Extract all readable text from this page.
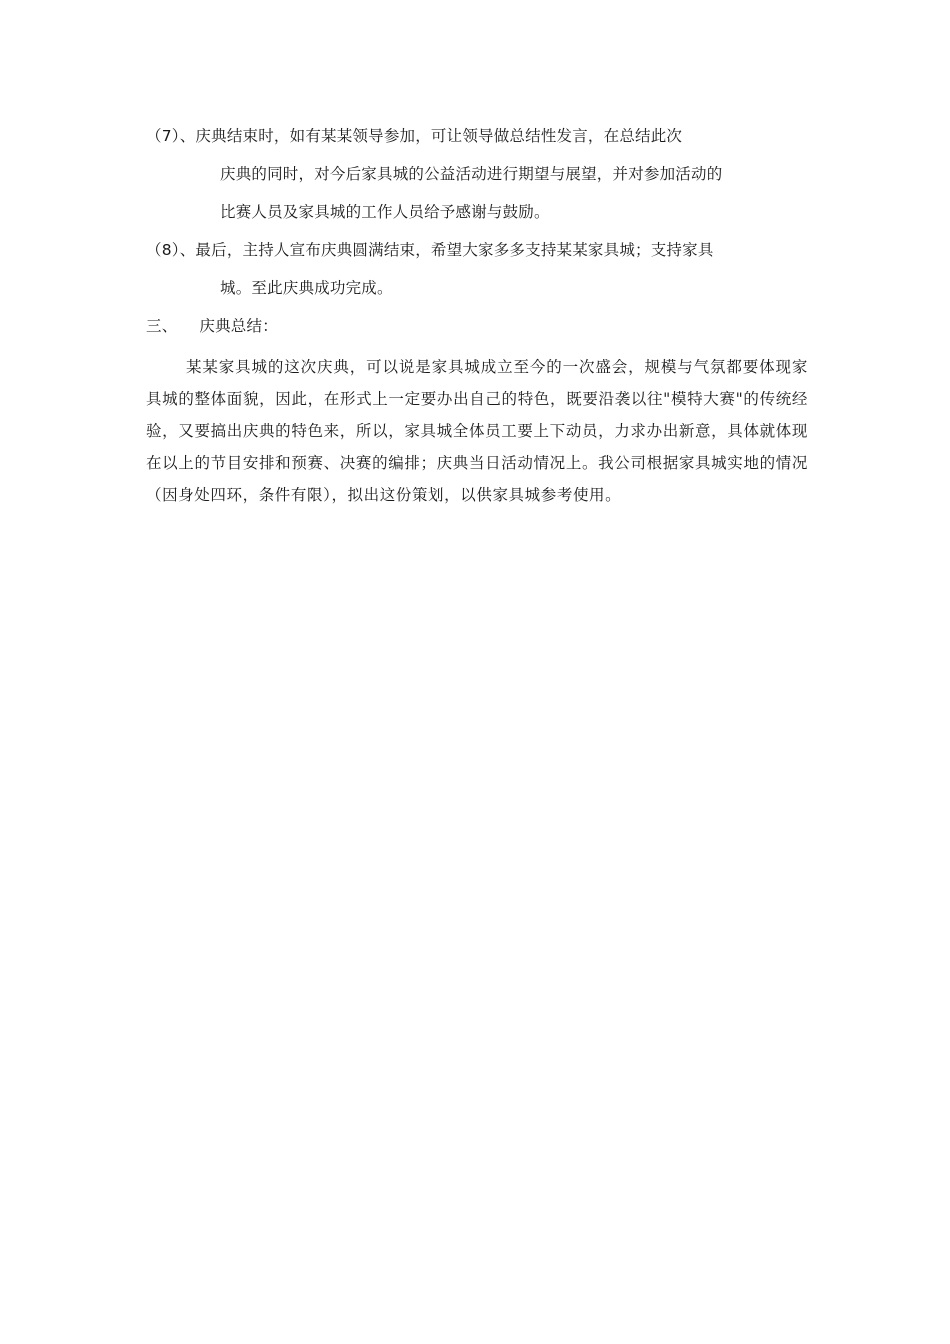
（7）、庆典结束时，如有某某领导参加，可让领导做总结性发言，在总结此次
庆典的同时，对今后家具城的公益活动进行期望与展望，并对参加活动的
比赛人员及家具城的工作人员给予感谢与鼓励。
（8）、最后，主持人宣布庆典圆满结束，希望大家多多支持某某家具城；支持家具
城。至此庆典成功完成。
三、 庆典总结：
某某家具城的这次庆典，可以说是家具城成立至今的一次盛会，规模与气氛都要体现家具城的整体面貌，因此，在形式上一定要办出自己的特色，既要沿袭以往"模特大赛"的传统经验，又要搞出庆典的特色来，所以，家具城全体员工要上下动员，力求办出新意，具体就体现在以上的节目安排和预赛、决赛的编排；庆典当日活动情况上。我公司根据家具城实地的情况（因身处四环，条件有限），拟出这份策划，以供家具城参考使用。
